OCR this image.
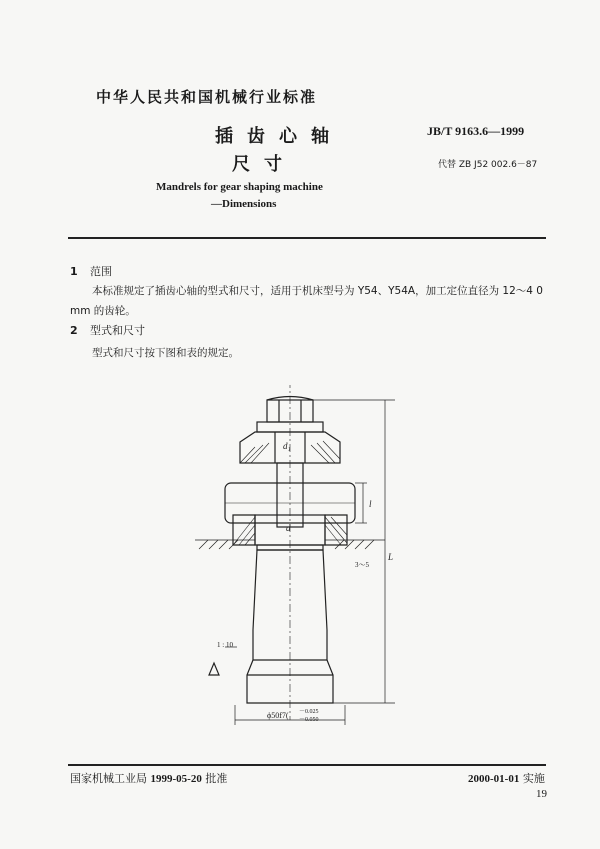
中华人民共和国机械行业标准
插齿心轴
尺寸
JB/T 9163.6—1999
代替 ZB J52 002.6－87
Mandrels for gear shaping machine
—Dimensions
1 范围
本标准规定了插齿心轴的型式和尺寸，适用于机床型号为 Y54、Y54A，加工定位直径为 12～4 0 mm 的齿轮。
2 型式和尺寸
型式和尺寸按下图和表的规定。
d₁
d
l
L
3～5
1 : 10
ϕ50f7( －0.025
－0.050
国家机械工业局 1999-05-20 批准	2000-01-01 实施
19
